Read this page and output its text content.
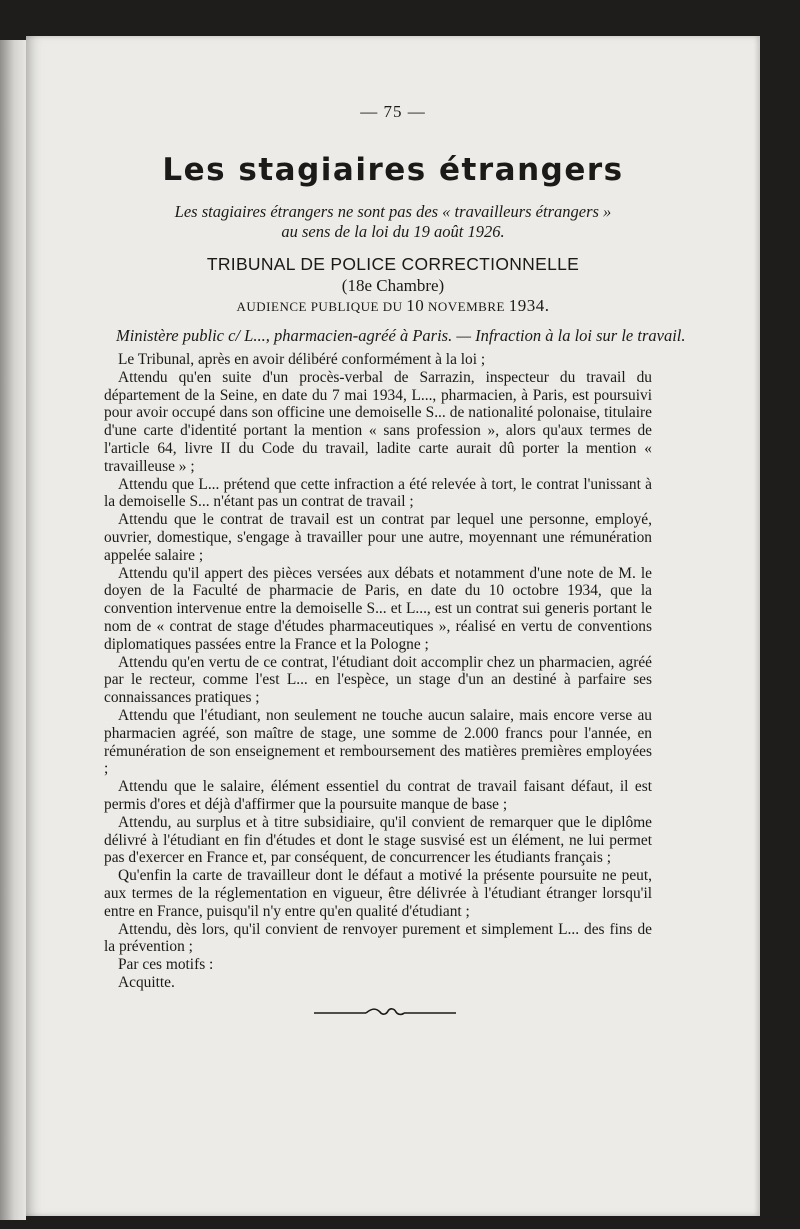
— 75 —
Les stagiaires étrangers
Les stagiaires étrangers ne sont pas des « travailleurs étrangers »
au sens de la loi du 19 août 1926.
TRIBUNAL DE POLICE CORRECTIONNELLE
(18e Chambre)
AUDIENCE PUBLIQUE DU 10 NOVEMBRE 1934.
Ministère public c/ L..., pharmacien-agréé à Paris. — Infraction à la loi sur le travail.

Le Tribunal, après en avoir délibéré conformément à la loi ;

Attendu qu'en suite d'un procès-verbal de Sarrazin, inspecteur du travail du département de la Seine, en date du 7 mai 1934, L..., pharmacien, à Paris, est poursuivi pour avoir occupé dans son officine une demoiselle S... de nationalité polonaise, titulaire d'une carte d'identité portant la mention « sans profession », alors qu'aux termes de l'article 64, livre II du Code du travail, ladite carte aurait dû porter la mention « travailleuse » ;

Attendu que L... prétend que cette infraction a été relevée à tort, le contrat l'unissant à la demoiselle S... n'étant pas un contrat de travail ;

Attendu que le contrat de travail est un contrat par lequel une personne, employé, ouvrier, domestique, s'engage à travailler pour une autre, moyennant une rémunération appelée salaire ;

Attendu qu'il appert des pièces versées aux débats et notamment d'une note de M. le doyen de la Faculté de pharmacie de Paris, en date du 10 octobre 1934, que la convention intervenue entre la demoiselle S... et L..., est un contrat sui generis portant le nom de « contrat de stage d'études pharmaceutiques », réalisé en vertu de conventions diplomatiques passées entre la France et la Pologne ;

Attendu qu'en vertu de ce contrat, l'étudiant doit accomplir chez un pharmacien, agréé par le recteur, comme l'est L... en l'espèce, un stage d'un an destiné à parfaire ses connaissances pratiques ;

Attendu que l'étudiant, non seulement ne touche aucun salaire, mais encore verse au pharmacien agréé, son maître de stage, une somme de 2.000 francs pour l'année, en rémunération de son enseignement et remboursement des matières premières employées ;

Attendu que le salaire, élément essentiel du contrat de travail faisant défaut, il est permis d'ores et déjà d'affirmer que la poursuite manque de base ;

Attendu, au surplus et à titre subsidiaire, qu'il convient de remarquer que le diplôme délivré à l'étudiant en fin d'études et dont le stage susvisé est un élément, ne lui permet pas d'exercer en France et, par conséquent, de concurrencer les étudiants français ;

Qu'enfin la carte de travailleur dont le défaut a motivé la présente poursuite ne peut, aux termes de la réglementation en vigueur, être délivrée à l'étudiant étranger lorsqu'il entre en France, puisqu'il n'y entre qu'en qualité d'étudiant ;

Attendu, dès lors, qu'il convient de renvoyer purement et simplement L... des fins de la prévention ;

Par ces motifs :

Acquitte.
